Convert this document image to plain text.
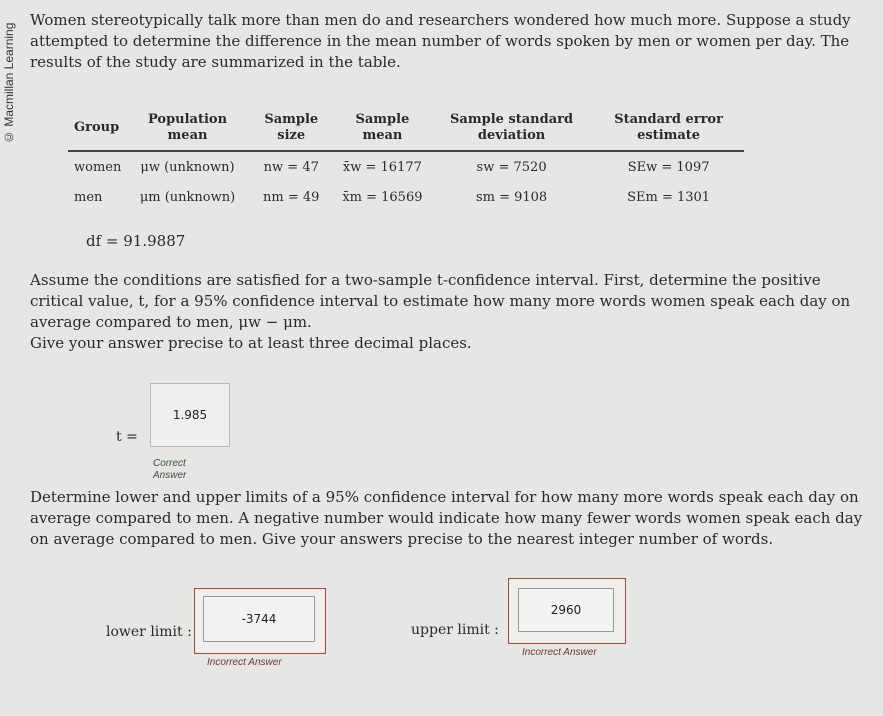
© Macmillan Learning
Women stereotypically talk more than men do and researchers wondered how much more. Suppose a study attempted to determine the difference in the mean number of words spoken by men or women per day. The results of the study are summarized in the table.
Group	Population mean	Sample size	Sample mean	Sample standard deviation	Standard error estimate
women	μw (unknown)	nw = 47	x̄w = 16177	sw = 7520	SEw = 1097
men	μm (unknown)	nm = 49	x̄m = 16569	sm = 9108	SEm = 1301
df = 91.9887
Assume the conditions are satisfied for a two-sample t-confidence interval. First, determine the positive critical value, t, for a 95% confidence interval to estimate how many more words women speak each day on average compared to men, μw − μm.
Give your answer precise to at least three decimal places.
t =
1.985
Correct Answer
Determine lower and upper limits of a 95% confidence interval for how many more words speak each day on average compared to men. A negative number would indicate how many fewer words women speak each day on average compared to men. Give your answers precise to the nearest integer number of words.
lower limit :
-3744
Incorrect Answer
upper limit :
2960
Incorrect Answer
